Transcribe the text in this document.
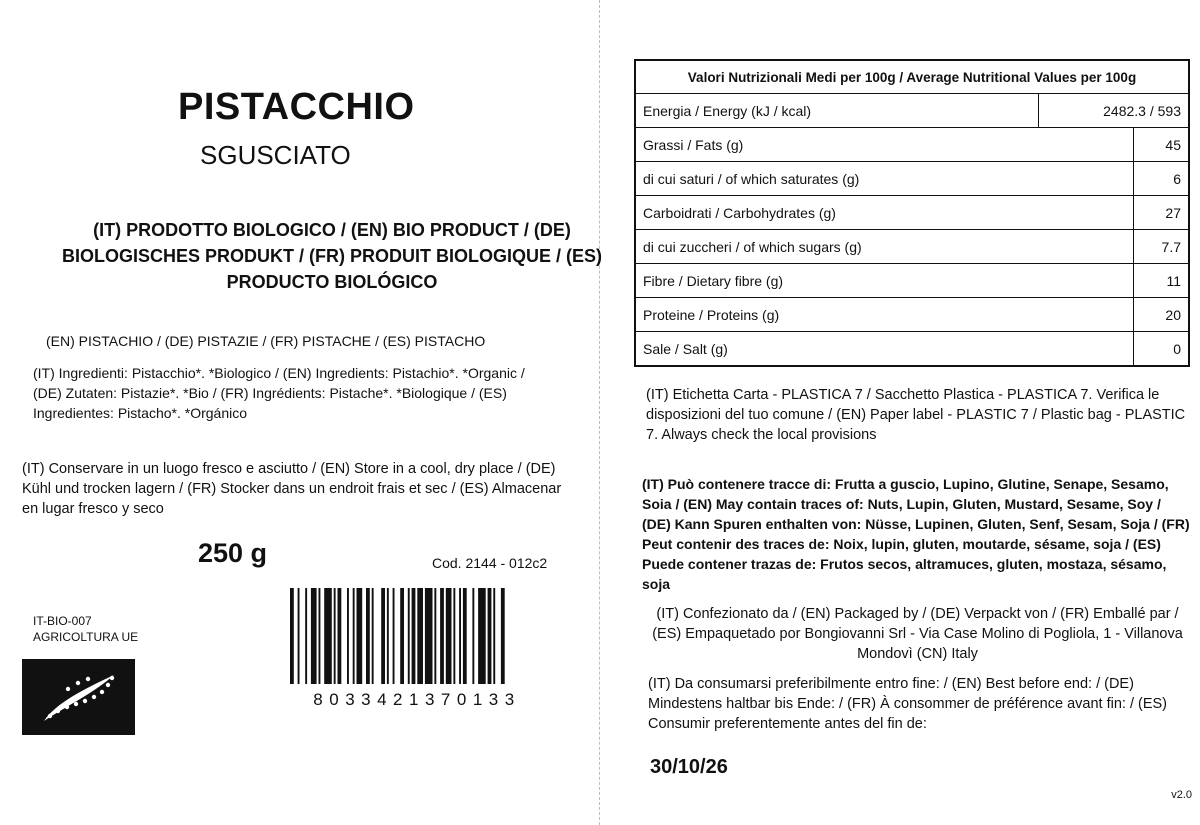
PISTACCHIO
SGUSCIATO
(IT) PRODOTTO BIOLOGICO / (EN) BIO PRODUCT / (DE) BIOLOGISCHES PRODUKT / (FR) PRODUIT BIOLOGIQUE / (ES) PRODUCTO BIOLÓGICO
(EN) PISTACHIO / (DE) PISTAZIE / (FR) PISTACHE / (ES) PISTACHO
(IT) Ingredienti: Pistacchio*. *Biologico / (EN) Ingredients: Pistachio*. *Organic / (DE) Zutaten: Pistazie*. *Bio / (FR) Ingrédients: Pistache*. *Biologique / (ES) Ingredientes: Pistacho*. *Orgánico
(IT) Conservare in un luogo fresco e asciutto / (EN) Store in a cool, dry place / (DE) Kühl und trocken lagern / (FR) Stocker dans un endroit frais et sec / (ES) Almacenar en lugar fresco y seco
250 g	Cod. 2144 - 012c2
IT-BIO-007
AGRICOLTURA UE
8033421370133
Valori Nutrizionali Medi per 100g / Average Nutritional Values per 100g		
Energia / Energy (kJ / kcal)	2482.3 / 593	
Grassi / Fats (g)		45
di cui saturi / of which saturates (g)		6
Carboidrati / Carbohydrates (g)		27
di cui zuccheri / of which sugars (g)		7.7
Fibre / Dietary fibre (g)		11
Proteine / Proteins (g)		20
Sale / Salt (g)		0
(IT) Etichetta Carta - PLASTICA 7 / Sacchetto Plastica - PLASTICA 7. Verifica le disposizioni del tuo comune / (EN) Paper label - PLASTIC 7 / Plastic bag - PLASTIC 7. Always check the local provisions
(IT) Può contenere tracce di: Frutta a guscio, Lupino, Glutine, Senape, Sesamo, Soia / (EN) May contain traces of: Nuts, Lupin, Gluten, Mustard, Sesame, Soy / (DE) Kann Spuren enthalten von: Nüsse, Lupinen, Gluten, Senf, Sesam, Soja / (FR) Peut contenir des traces de: Noix, lupin, gluten, moutarde, sésame, soja / (ES) Puede contener trazas de: Frutos secos, altramuces, gluten, mostaza, sésamo, soja
(IT) Confezionato da / (EN) Packaged by / (DE) Verpackt von / (FR) Emballé par / (ES) Empaquetado por Bongiovanni Srl - Via Case Molino di Pogliola, 1 - Villanova Mondovì (CN) Italy
(IT) Da consumarsi preferibilmente entro fine: / (EN) Best before end: / (DE) Mindestens haltbar bis Ende: / (FR) À consommer de préférence avant fin: / (ES) Consumir preferentemente antes del fin de:
30/10/26
v2.0
